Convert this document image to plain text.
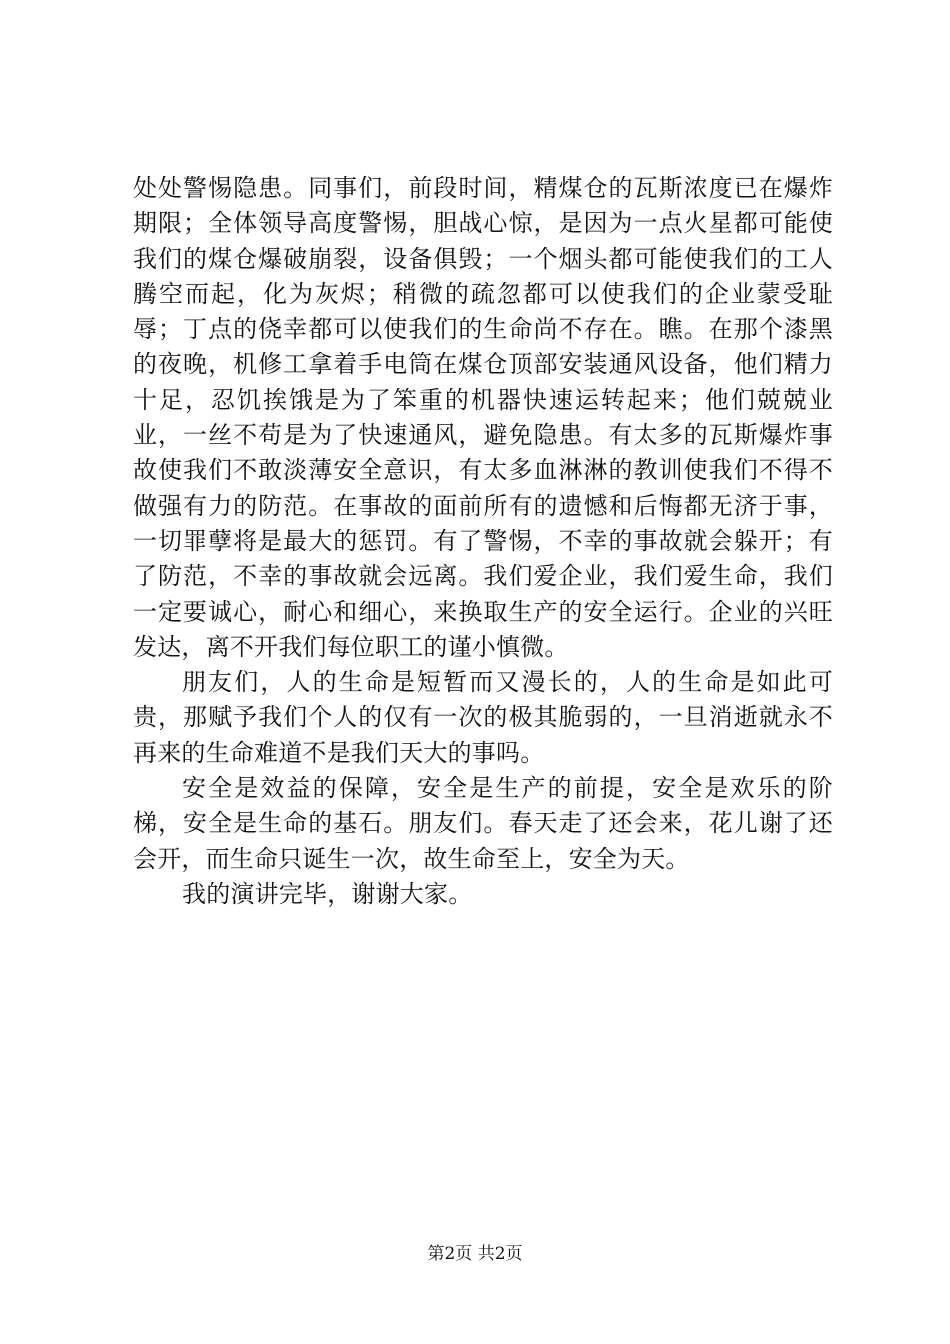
处处警惕隐患。同事们，前段时间，精煤仓的瓦斯浓度已在爆炸期限；全体领导高度警惕，胆战心惊，是因为一点火星都可能使我们的煤仓爆破崩裂，设备俱毁；一个烟头都可能使我们的工人腾空而起，化为灰烬；稍微的疏忽都可以使我们的企业蒙受耻辱；丁点的侥幸都可以使我们的生命尚不存在。瞧。在那个漆黑的夜晚，机修工拿着手电筒在煤仓顶部安装通风设备，他们精力十足，忍饥挨饿是为了笨重的机器快速运转起来；他们兢兢业业，一丝不苟是为了快速通风，避免隐患。有太多的瓦斯爆炸事故使我们不敢淡薄安全意识，有太多血淋淋的教训使我们不得不做强有力的防范。在事故的面前所有的遗憾和后悔都无济于事，一切罪孽将是最大的惩罚。有了警惕，不幸的事故就会躲开；有了防范，不幸的事故就会远离。我们爱企业，我们爱生命，我们一定要诚心，耐心和细心，来换取生产的安全运行。企业的兴旺发达，离不开我们每位职工的谨小慎微。

朋友们，人的生命是短暂而又漫长的，人的生命是如此可贵，那赋予我们个人的仅有一次的极其脆弱的，一旦消逝就永不再来的生命难道不是我们天大的事吗。

安全是效益的保障，安全是生产的前提，安全是欢乐的阶梯，安全是生命的基石。朋友们。春天走了还会来，花儿谢了还会开，而生命只诞生一次，故生命至上，安全为天。

我的演讲完毕，谢谢大家。

第2页 共2页
